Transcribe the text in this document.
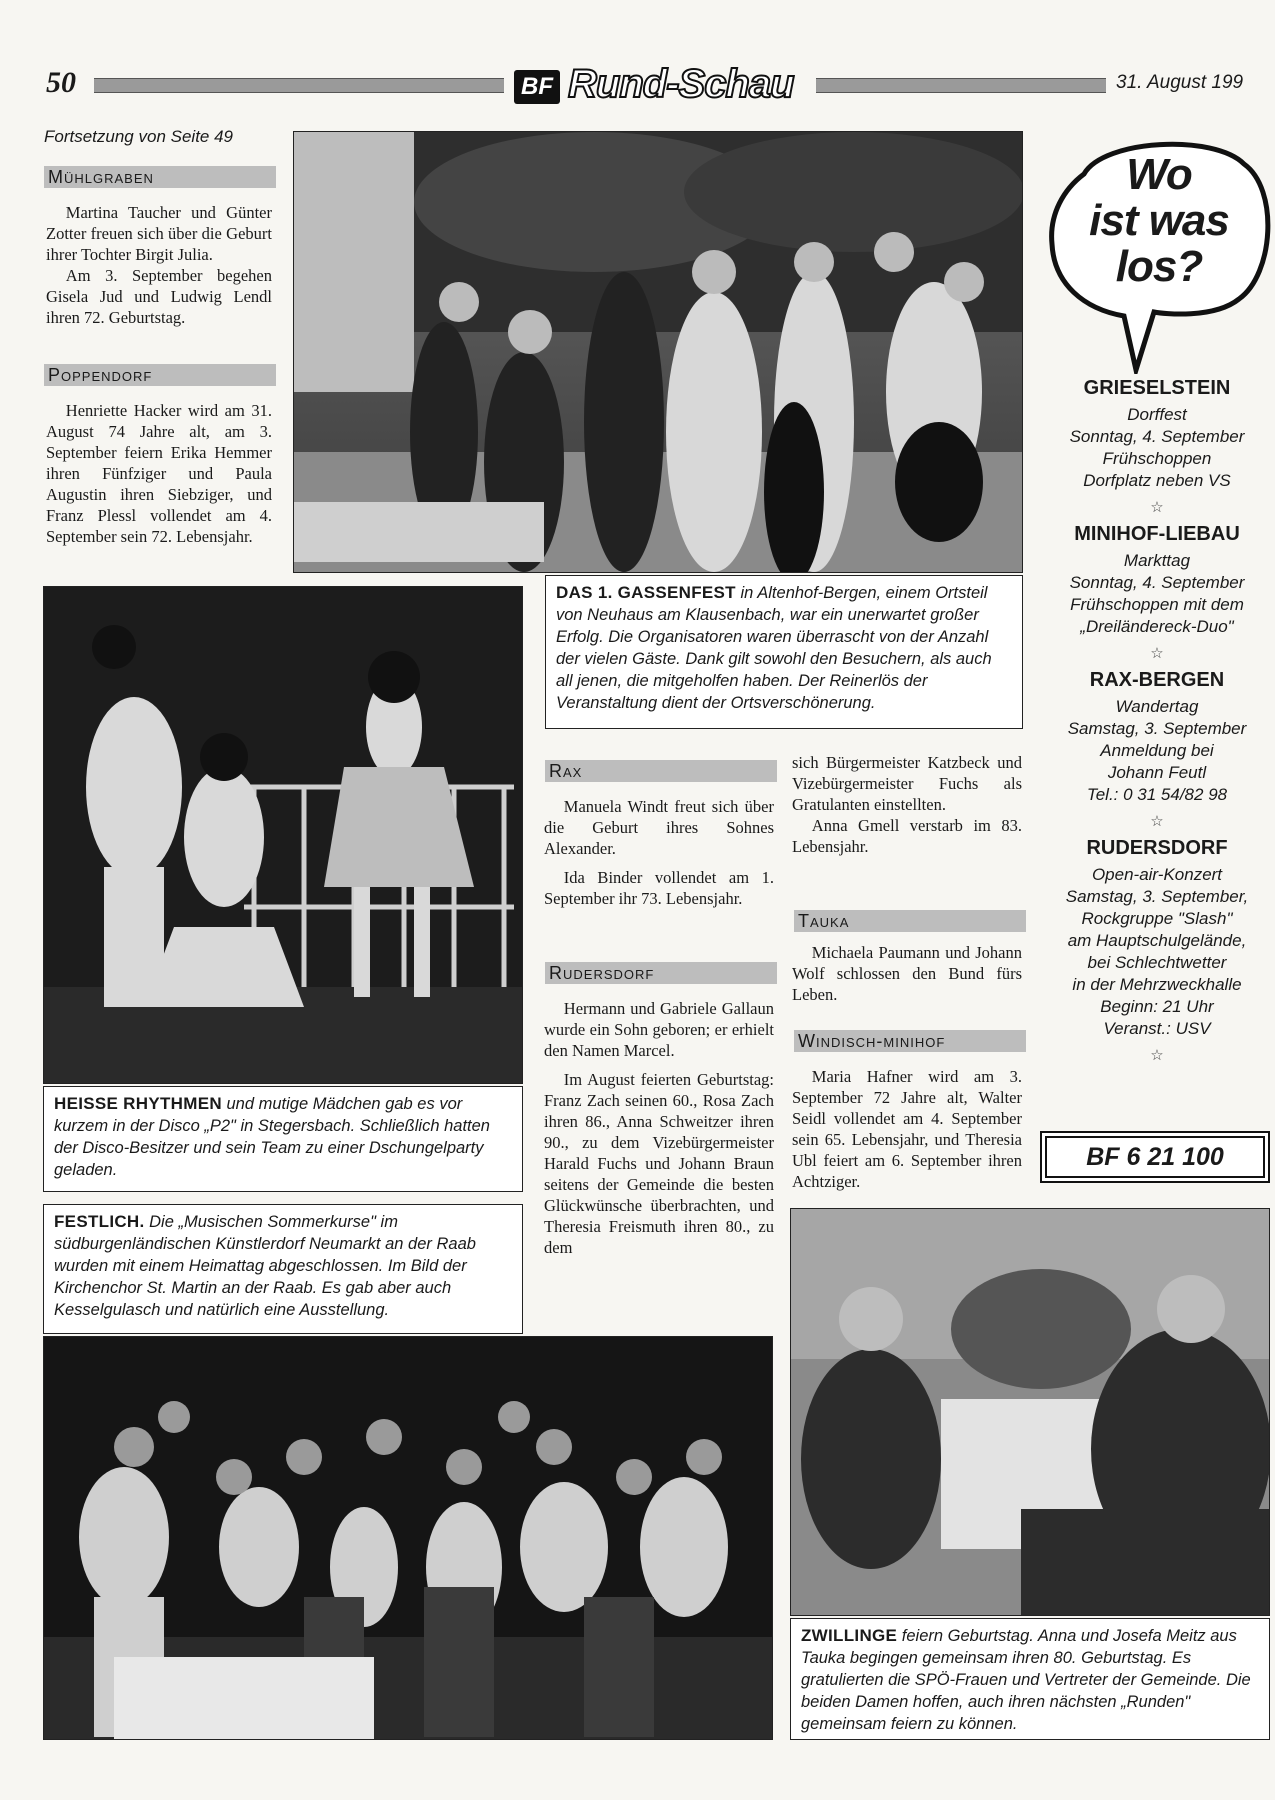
50	BF Rund-Schau	31. August 199
Fortsetzung von Seite 49
Mühlgraben

Martina Taucher und Günter Zotter freuen sich über die Geburt ihrer Tochter Birgit Julia.

Am 3. September begehen Gisela Jud und Ludwig Lendl ihren 72. Geburtstag.

Poppendorf

Henriette Hacker wird am 31. August 74 Jahre alt, am 3. September feiern Erika Hemmer ihren Fünfziger und Paula Augustin ihren Siebziger, und Franz Plessl vollendet am 4. September sein 72. Lebensjahr.

DAS 1. GASSENFEST in Altenhof-Bergen, einem Ortsteil von Neuhaus am Klausenbach, war ein unerwartet großer Erfolg. Die Organisatoren waren überrascht von der Anzahl der vielen Gäste. Dank gilt sowohl den Besuchern, als auch all jenen, die mitgeholfen haben. Der Reinerlös der Veranstaltung dient der Ortsverschönerung.
HEISSE RHYTHMEN und mutige Mädchen gab es vor kurzem in der Disco „P2" in Stegersbach. Schließlich hatten der Disco-Besitzer und sein Team zu einer Dschungelparty geladen.
FESTLICH. Die „Musischen Sommerkurse" im südburgenländischen Künstlerdorf Neumarkt an der Raab wurden mit einem Heimattag abgeschlossen. Im Bild der Kirchenchor St. Martin an der Raab. Es gab aber auch Kesselgulasch und natürlich eine Ausstellung.
Rax

Manuela Windt freut sich über die Geburt ihres Sohnes Alexander.

Ida Binder vollendet am 1. September ihr 73. Lebensjahr.

Rudersdorf

Hermann und Gabriele Gallaun wurde ein Sohn geboren; er erhielt den Namen Marcel.

Im August feierten Geburtstag: Franz Zach seinen 60., Rosa Zach ihren 86., Anna Schweitzer ihren 90., zu dem Vizebürgermeister Harald Fuchs und Johann Braun seitens der Gemeinde die besten Glückwünsche überbrachten, und Theresia Freismuth ihren 80., zu dem

sich Bürgermeister Katzbeck und Vizebürgermeister Fuchs als Gratulanten einstellten.

Anna Gmell verstarb im 83. Lebensjahr.

Tauka

Michaela Paumann und Johann Wolf schlossen den Bund fürs Leben.

Windisch-minihof

Maria Hafner wird am 3. September 72 Jahre alt, Walter Seidl vollendet am 4. September sein 65. Lebensjahr, und Theresia Ubl feiert am 6. September ihren Achtziger.

Wo
ist was
los?
GRIESELSTEIN
Dorffest
Sonntag, 4. September
Frühschoppen
Dorfplatz neben VS
☆
MINIHOF-LIEBAU
Markttag
Sonntag, 4. September
Frühschoppen mit dem
„Dreiländereck-Duo"
☆
RAX-BERGEN
Wandertag
Samstag, 3. September
Anmeldung bei
Johann Feutl
Tel.: 0 31 54/82 98
☆
RUDERSDORF
Open-air-Konzert
Samstag, 3. September,
Rockgruppe "Slash"
am Hauptschulgelände,
bei Schlechtwetter
in der Mehrzweckhalle
Beginn: 21 Uhr
Veranst.: USV
☆
BF 6 21 100
ZWILLINGE feiern Geburtstag. Anna und Josefa Meitz aus Tauka begingen gemeinsam ihren 80. Geburtstag. Es gratulierten die SPÖ-Frauen und Vertreter der Gemeinde. Die beiden Damen hoffen, auch ihren nächsten „Runden" gemeinsam feiern zu können.
